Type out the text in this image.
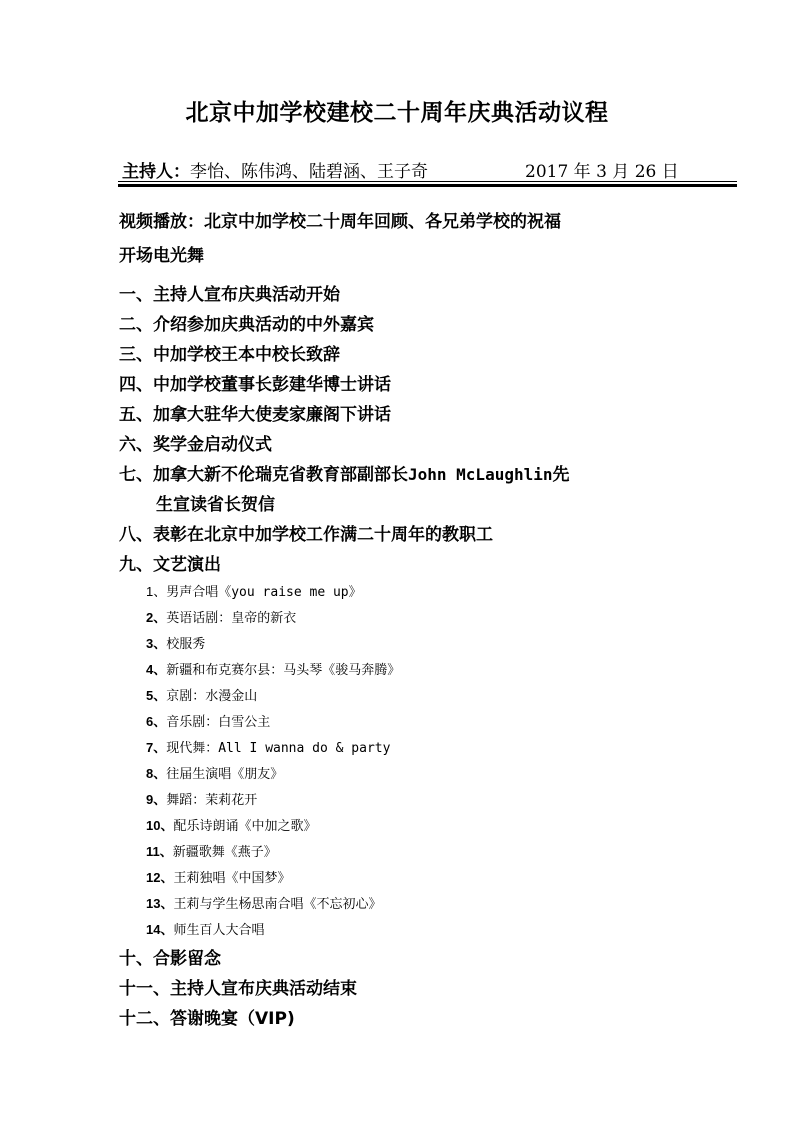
北京中加学校建校二十周年庆典活动议程
主持人：李怡、陈伟鸿、陆碧涵、王子奇	2017 年 3 月 26 日
视频播放：北京中加学校二十周年回顾、各兄弟学校的祝福
开场电光舞
一、主持人宣布庆典活动开始
二、介绍参加庆典活动的中外嘉宾
三、中加学校王本中校长致辞
四、中加学校董事长彭建华博士讲话
五、加拿大驻华大使麦家廉阁下讲话
六、奖学金启动仪式
七、加拿大新不伦瑞克省教育部副部长John McLaughlin先
生宣读省长贺信
八、表彰在北京中加学校工作满二十周年的教职工
九、文艺演出
1、男声合唱《you raise me up》
2、英语话剧：皇帝的新衣
3、校服秀
4、新疆和布克赛尔县：马头琴《骏马奔腾》
5、京剧：水漫金山
6、音乐剧：白雪公主
7、现代舞：All I wanna do & party
8、往届生演唱《朋友》
9、舞蹈：茉莉花开
10、配乐诗朗诵《中加之歌》
11、新疆歌舞《燕子》
12、王莉独唱《中国梦》
13、王莉与学生杨思南合唱《不忘初心》
14、师生百人大合唱
十、合影留念
十一、主持人宣布庆典活动结束
十二、答谢晚宴（VIP)
